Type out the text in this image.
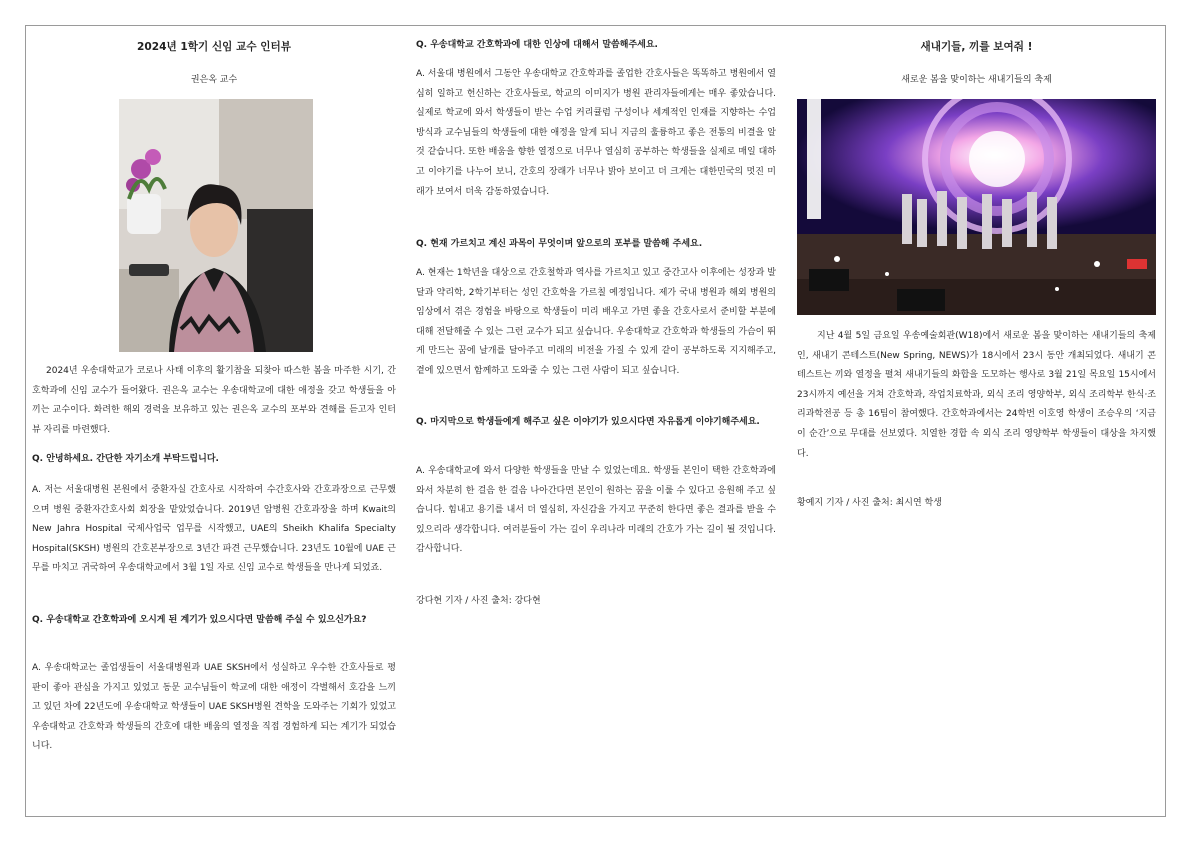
2024년 1학기 신임 교수 인터뷰
권은옥 교수

2024년 우송대학교가 코로나 사태 이후의 활기참을 되찾아 따스한 봄을 마주한 시기, 간호학과에 신임 교수가 들어왔다. 권은옥 교수는 우송대학교에 대한 애정을 갖고 학생들을 아끼는 교수이다. 화려한 해외 경력을 보유하고 있는 권은옥 교수의 포부와 견해를 듣고자 인터뷰 자리를 마련했다.

Q. 안녕하세요. 간단한 자기소개 부탁드립니다.

A. 저는 서울대병원 본원에서 중환자실 간호사로 시작하여 수간호사와 간호과장으로 근무했으며 병원 중환자간호사회 회장을 맡았었습니다. 2019년 암병원 간호과장을 하며 Kwait의 New Jahra Hospital 국제사업국 업무를 시작했고, UAE의 Sheikh Khalifa Specialty Hospital(SKSH) 병원의 간호본부장으로 3년간 파견 근무했습니다. 23년도 10월에 UAE 근무를 마치고 귀국하여 우송대학교에서 3월 1일 자로 신임 교수로 학생들을 만나게 되었죠.

Q. 우송대학교 간호학과에 오시게 된 계기가 있으시다면 말씀해 주실 수 있으신가요?

A. 우송대학교는 졸업생들이 서울대병원과 UAE SKSH에서 성실하고 우수한 간호사들로 평판이 좋아 관심을 가지고 있었고 동문 교수님들이 학교에 대한 애정이 각별해서 호감을 느끼고 있던 차에 22년도에 우송대학교 학생들이 UAE SKSH병원 견학을 도와주는 기회가 있었고 우송대학교 간호학과 학생들의 간호에 대한 배움의 열정을 직접 경험하게 되는 계기가 되었습니다.

Q. 우송대학교 간호학과에 대한 인상에 대해서 말씀해주세요.

A. 서울대 병원에서 그동안 우송대학교 간호학과를 졸업한 간호사들은 똑똑하고 병원에서 열심히 일하고 헌신하는 간호사들로, 학교의 이미지가 병원 관리자들에게는 매우 좋았습니다. 실제로 학교에 와서 학생들이 받는 수업 커리큘럼 구성이나 세계적인 인재를 지향하는 수업 방식과 교수님들의 학생들에 대한 애정을 알게 되니 지금의 훌륭하고 좋은 전통의 비결을 알 것 같습니다. 또한 배움을 향한 열정으로 너무나 열심히 공부하는 학생들을 실제로 매일 대하고 이야기를 나누어 보니, 간호의 장래가 너무나 밝아 보이고 더 크게는 대한민국의 멋진 미래가 보여서 더욱 감동하였습니다.

Q. 현재 가르치고 계신 과목이 무엇이며 앞으로의 포부를 말씀해 주세요.

A. 현재는 1학년을 대상으로 간호철학과 역사를 가르치고 있고 중간고사 이후에는 성장과 발달과 약리학, 2학기부터는 성인 간호학을 가르칠 예정입니다. 제가 국내 병원과 해외 병원의 임상에서 겪은 경험을 바탕으로 학생들이 미리 배우고 가면 좋을 간호사로서 준비할 부분에 대해 전달해줄 수 있는 그런 교수가 되고 싶습니다. 우송대학교 간호학과 학생들의 가슴이 뛰게 만드는 꿈에 날개를 달아주고 미래의 비전을 가질 수 있게 같이 공부하도록 지지해주고, 곁에 있으면서 함께하고 도와줄 수 있는 그런 사람이 되고 싶습니다.

Q. 마지막으로 학생들에게 해주고 싶은 이야기가 있으시다면 자유롭게 이야기해주세요.

A. 우송대학교에 와서 다양한 학생들을 만날 수 있었는데요. 학생들 본인이 택한 간호학과에 와서 차분히 한 걸음 한 걸음 나아간다면 본인이 원하는 꿈을 이룰 수 있다고 응원해 주고 싶습니다. 힘내고 용기를 내서 더 열심히, 자신감을 가지고 꾸준히 한다면 좋은 결과를 받을 수 있으리라 생각합니다. 여러분들이 가는 길이 우리나라 미래의 간호가 가는 길이 될 것입니다. 감사합니다.

강다현 기자 / 사진 출처: 강다현

새내기들, 끼를 보여줘 !
새로운 봄을 맞이하는 새내기들의 축제

지난 4월 5일 금요일 우송예술회관(W18)에서 새로운 봄을 맞이하는 새내기들의 축제인, 새내기 콘테스트(New Spring, NEWS)가 18시에서 23시 동안 개최되었다. 새내기 콘테스트는 끼와 열정을 펼쳐 새내기들의 화합을 도모하는 행사로 3월 21일 목요일 15시에서 23시까지 예선을 거쳐 간호학과, 작업치료학과, 외식 조리 영양학부, 외식 조리학부 한식·조리과학전공 등 총 16팀이 참여했다. 간호학과에서는 24학번 이호영 학생이 조승우의 ‘지금 이 순간’으로 무대를 선보였다. 치열한 경합 속 외식 조리 영양학부 학생들이 대상을 차지했다.

황예지 기자 / 사진 출처: 최시연 학생
